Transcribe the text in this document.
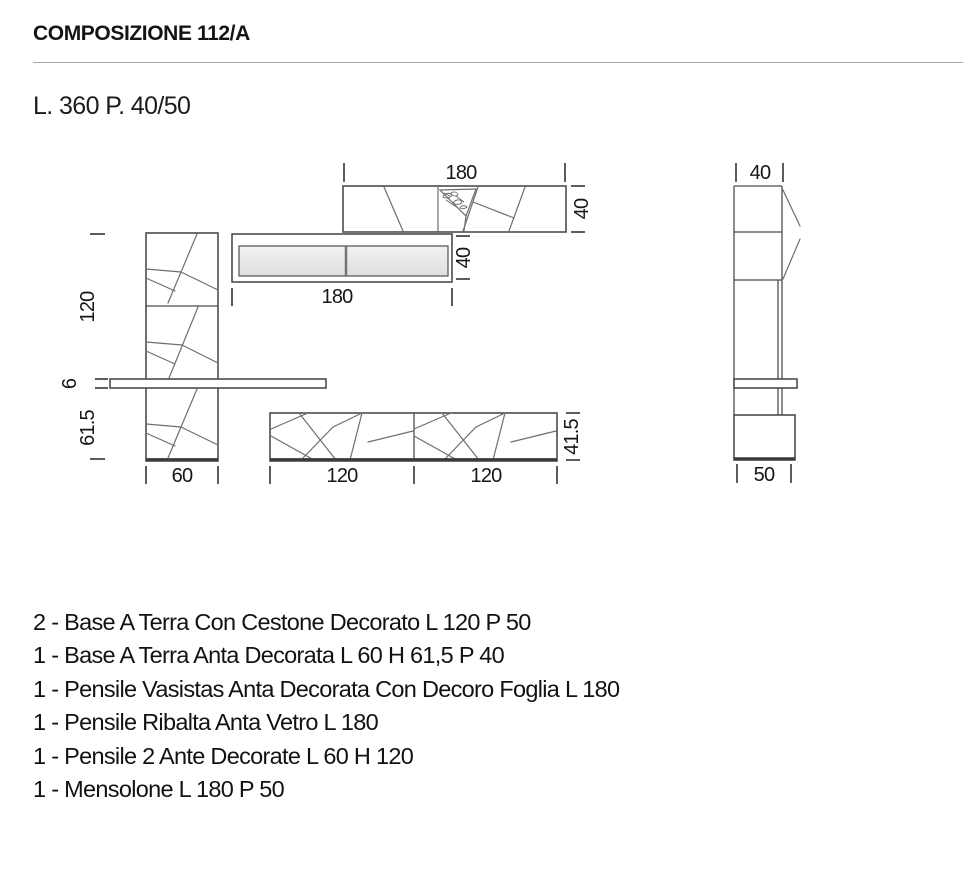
COMPOSIZIONE 112/A
L. 360 P. 40/50
180
40
40
180
120
6
61.5
60	120	120
41.5
40
50
2 - Base A Terra Con Cestone Decorato L 120 P 50
1 - Base A Terra Anta Decorata L 60 H 61,5 P 40
1 - Pensile Vasistas Anta Decorata Con Decoro Foglia L 180
1 - Pensile Ribalta Anta Vetro L 180
1 - Pensile 2 Ante Decorate L 60 H 120
1 - Mensolone L 180 P 50
